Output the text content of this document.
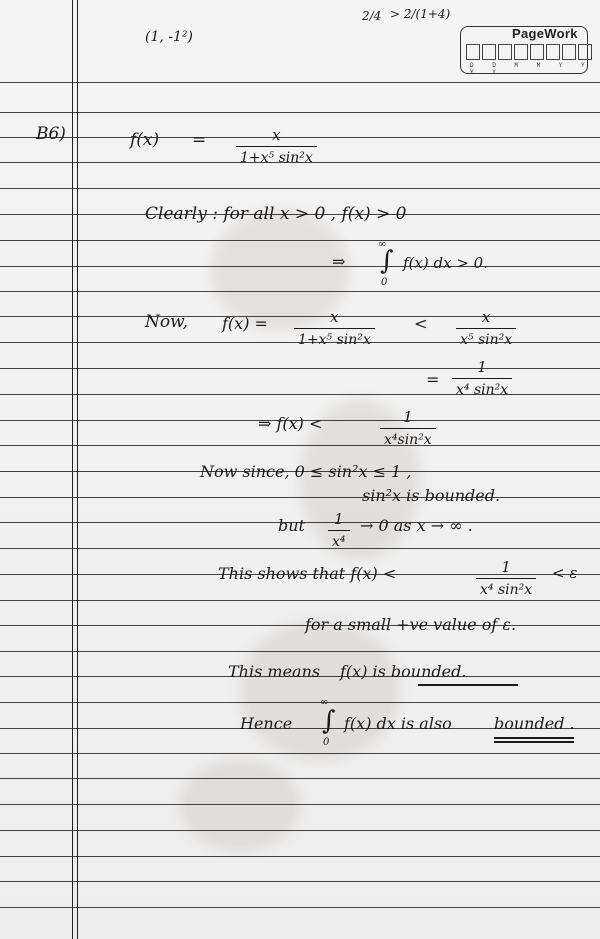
PageWork
D D M M Y Y Y Y
(1, -1²)
2/4 > 2/(1+4)
B6)	f(x) =	x
1+x⁵ sin²x
Clearly : for all x > 0 , f(x) > 0
⇒ ∫
∞
0
f(x) dx > 0.
Now, f(x) =	x
1+x⁵ sin²x
<	x
x⁵ sin²x
=
1
x⁴ sin²x
⇒ f(x) <	1
x⁴sin²x
Now since, 0 ≤ sin²x ≤ 1 ,
sin²x is bounded.
but 1
x⁴
→ 0 as x → ∞ .
This shows that f(x) <	1
x⁴ sin²x
< ε
for a small +ve value of ε.
This means f(x) is bounded.
Hence ∫
∞
0
f(x) dx is also	bounded .
